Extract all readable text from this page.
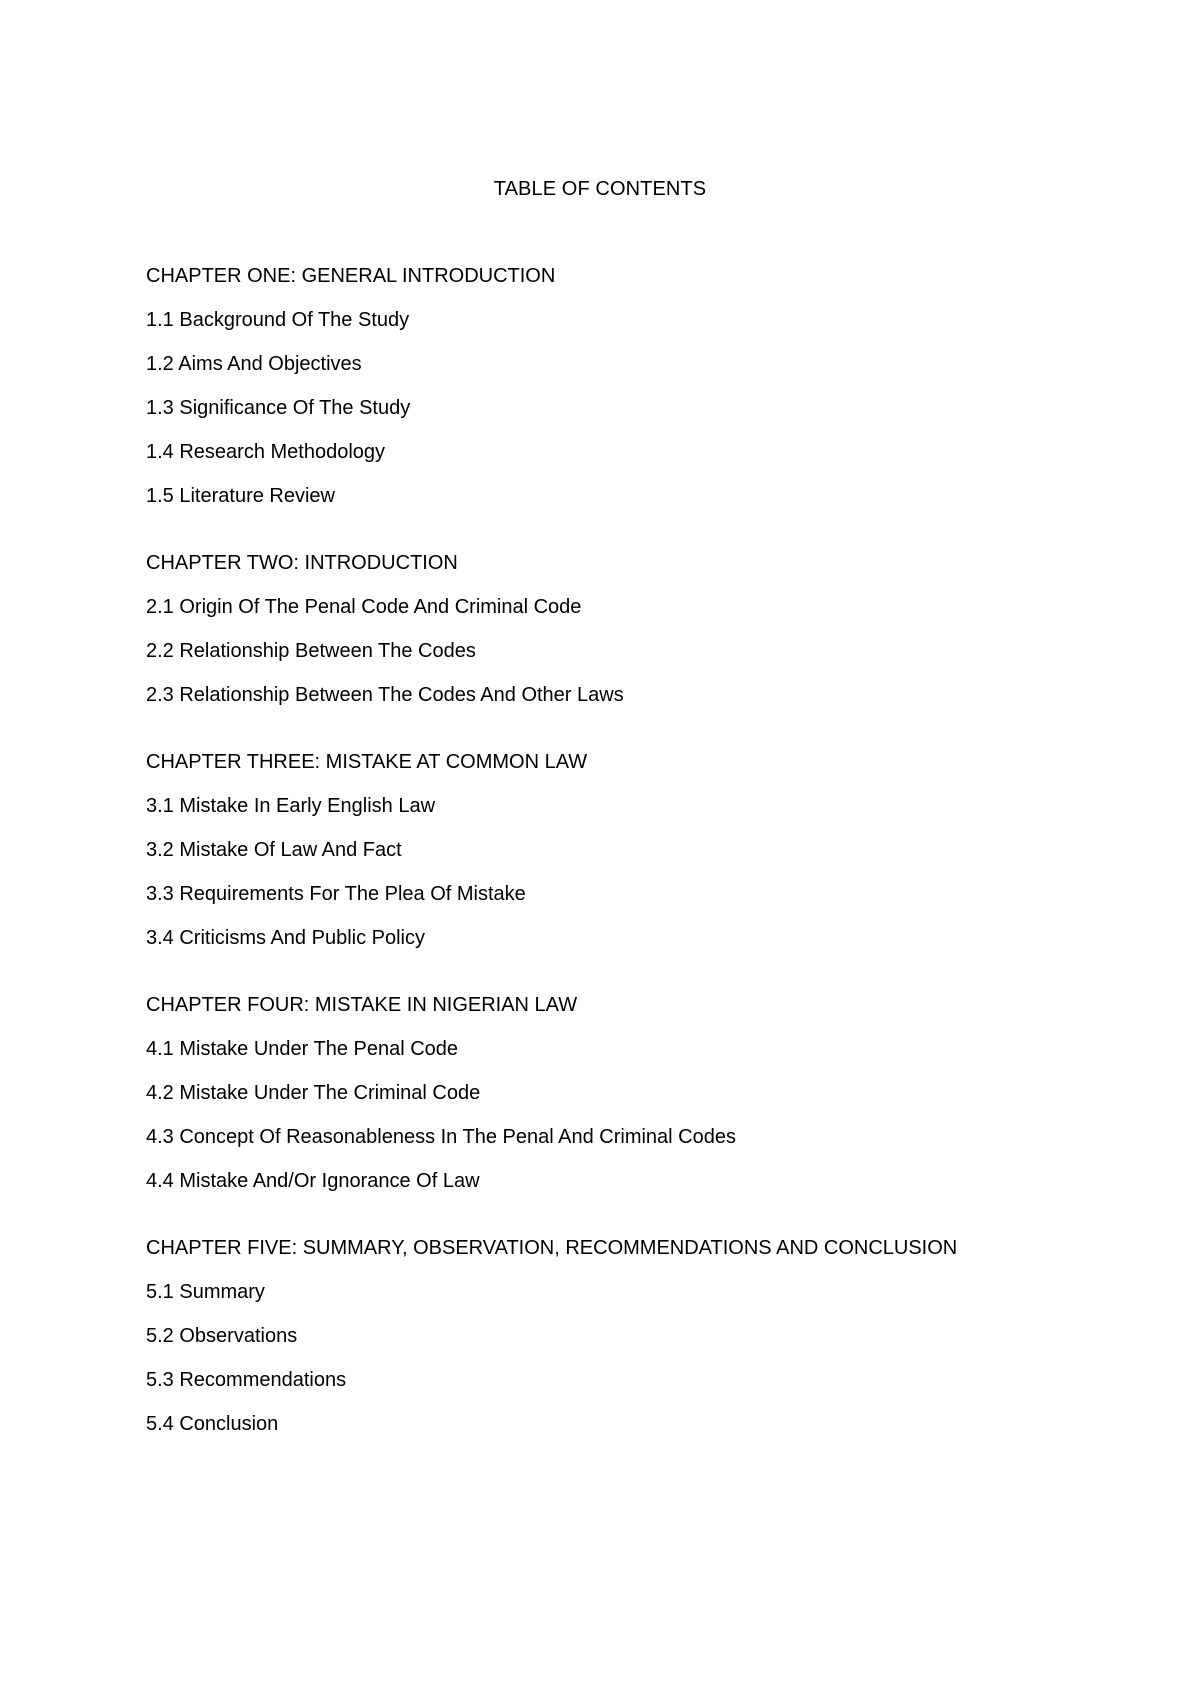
TABLE OF CONTENTS
CHAPTER ONE: GENERAL INTRODUCTION
1.1 Background Of The Study
1.2 Aims And Objectives
1.3 Significance Of The Study
1.4 Research Methodology
1.5 Literature Review
CHAPTER TWO: INTRODUCTION
2.1 Origin Of The Penal Code And Criminal Code
2.2 Relationship Between The Codes
2.3 Relationship Between The Codes And Other Laws
CHAPTER THREE: MISTAKE AT COMMON LAW
3.1 Mistake In Early English Law
3.2 Mistake Of Law And Fact
3.3 Requirements For The Plea Of Mistake
3.4 Criticisms And Public Policy
CHAPTER FOUR: MISTAKE IN NIGERIAN LAW
4.1 Mistake Under The Penal Code
4.2 Mistake Under The Criminal Code
4.3 Concept Of Reasonableness In The Penal And Criminal Codes
4.4 Mistake And/Or Ignorance Of Law
CHAPTER FIVE: SUMMARY, OBSERVATION, RECOMMENDATIONS AND CONCLUSION
5.1 Summary
5.2 Observations
5.3 Recommendations
5.4 Conclusion
